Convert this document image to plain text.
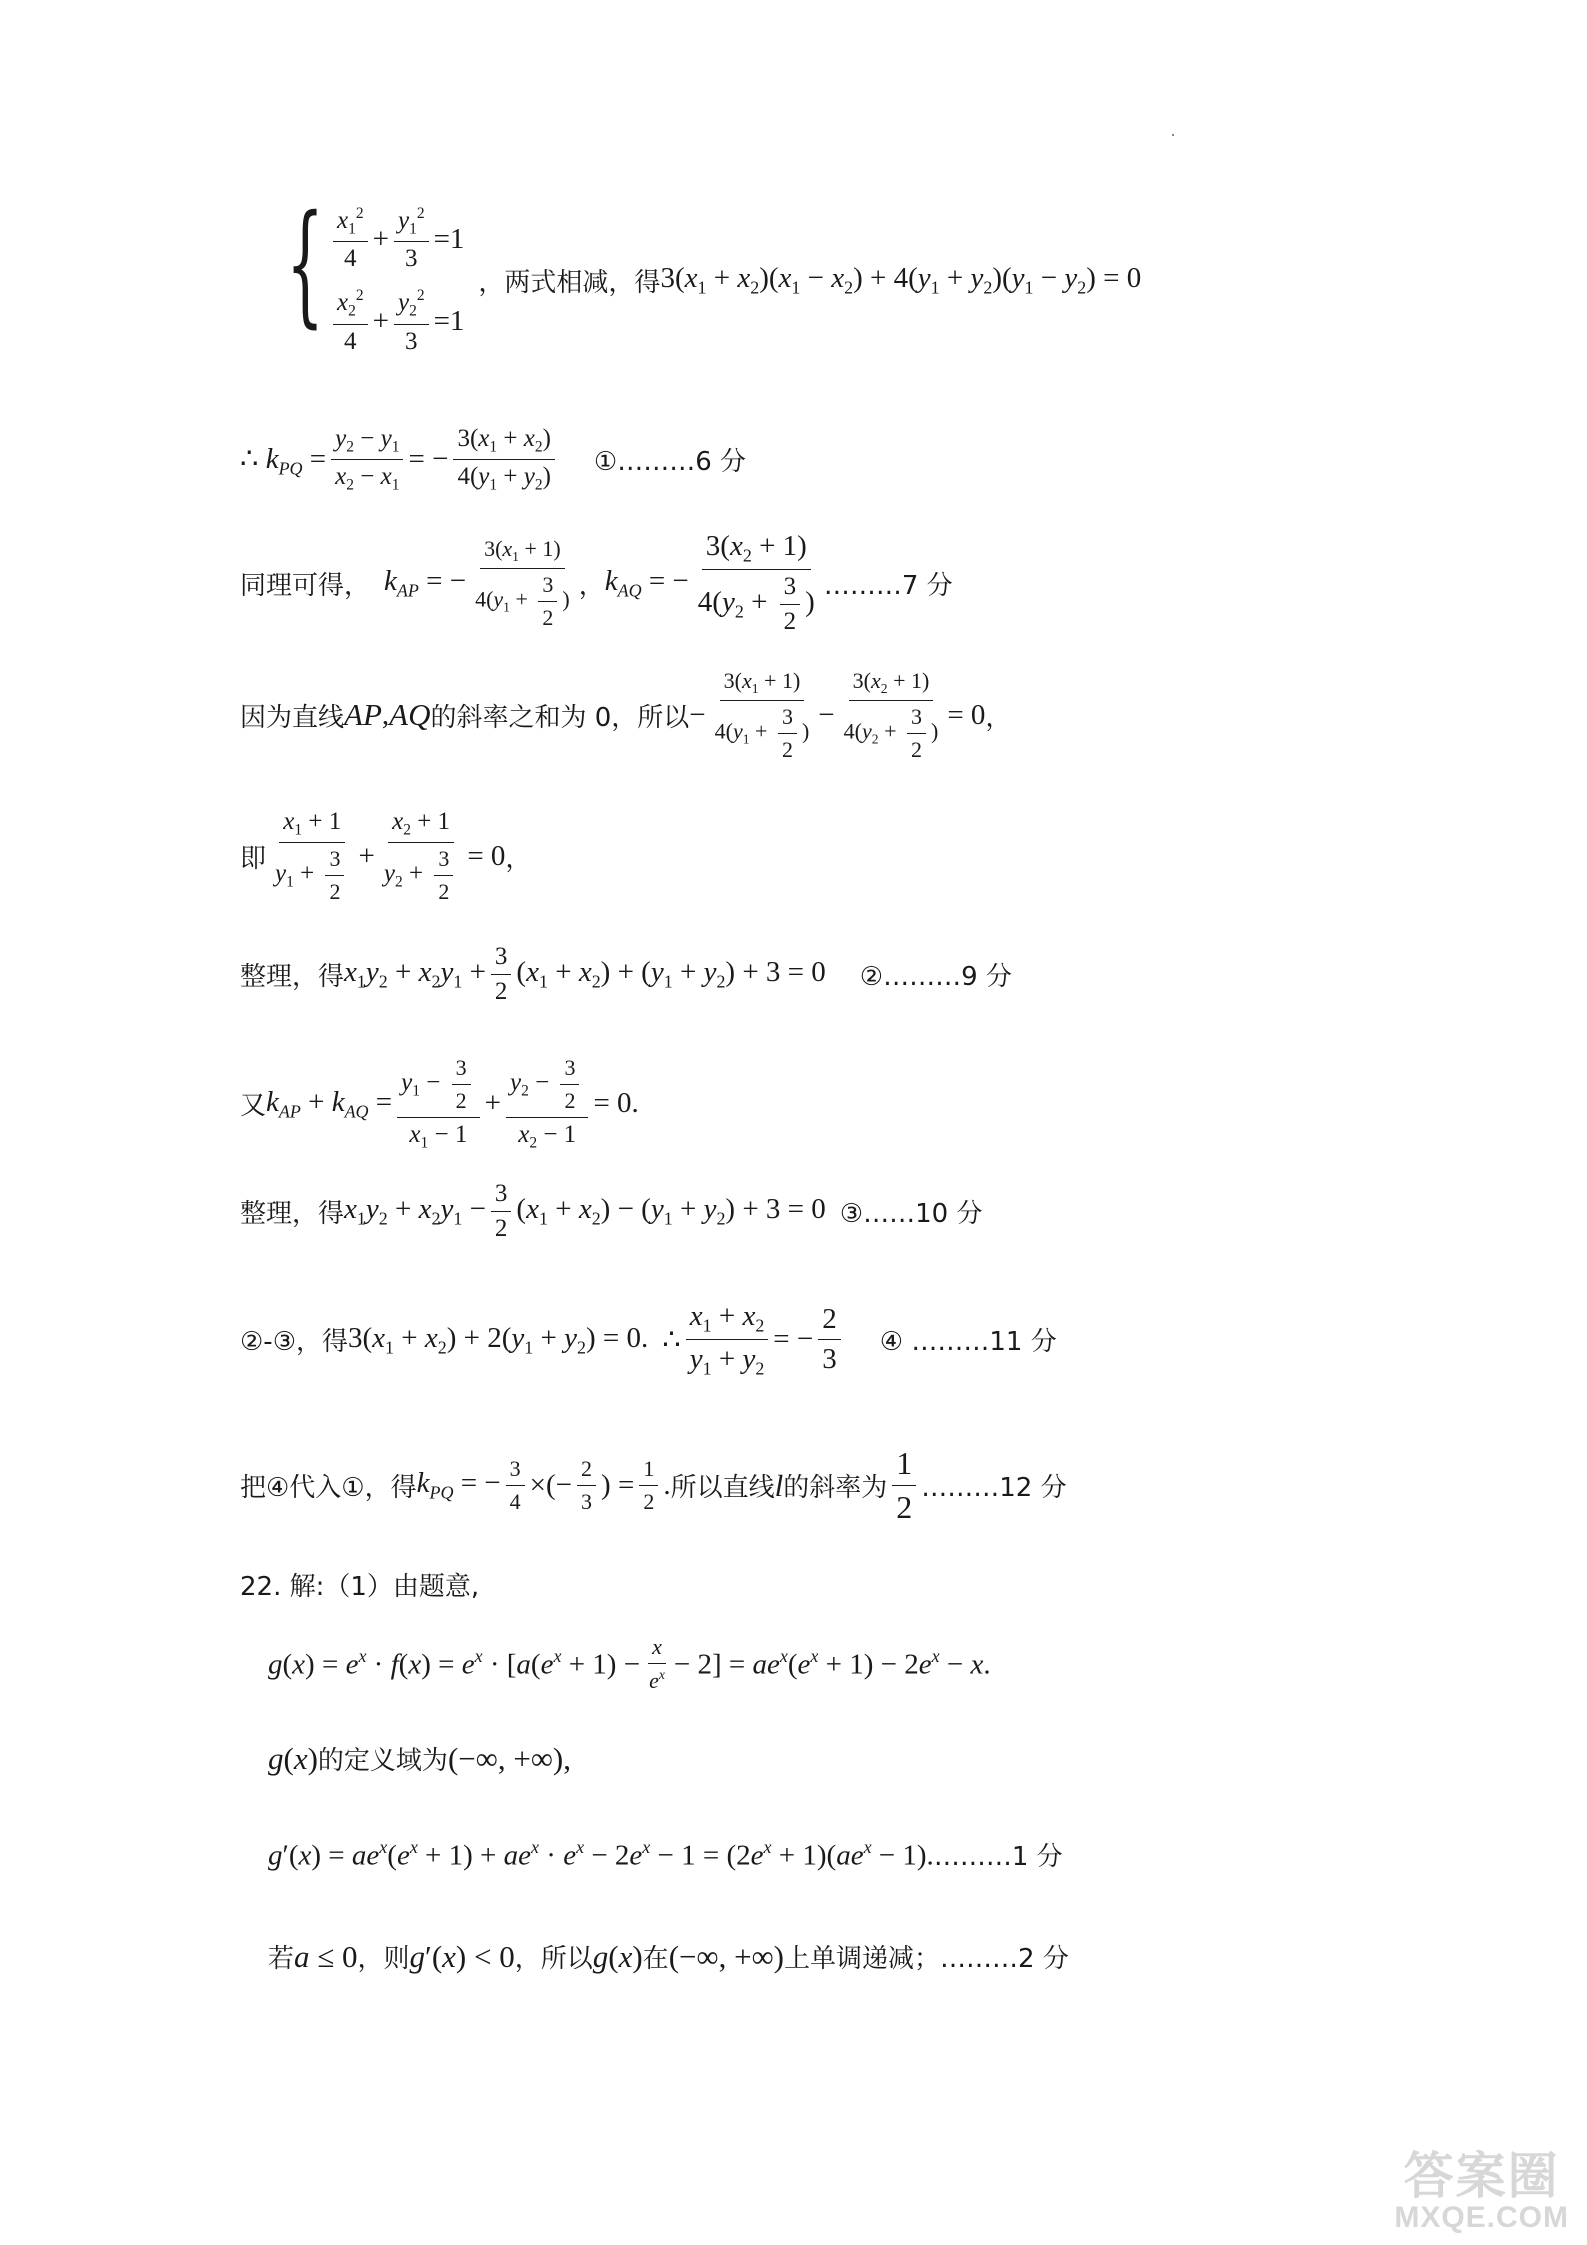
{ $\frac{x_1^2}{4} + \frac{y_1^2}{3} =1$
$\frac{x_2^2}{4} + \frac{y_2^2}{3} =1$
，两式相减，得 $3(x_1 + x_2)(x_1 - x_2) + 4(y_1 + y_2)(y_1 - y_2) = 0$
∴ $k_{PQ} = \frac{y_2 - y_1}{x_2 - x_1}$ = − $\frac{3(x_1 + x_2)}{4(y_1 + y_2)}$ ①………6 分
同理可得， $k_{AP}$ = − $\frac{3(x_1 + 1)}{4(y_1 + \frac{3}{2} )}$ ， $k_{AQ}$ = − $\frac{3(x_2 + 1)}{4(y_2 + \frac{3}{2} )}$ ………7 分
因为直线 AP , AQ 的斜率之和为 0，所以 − $\frac{3(x_1 + 1)}{4(y_1 + \frac{3}{2} )} - \frac{3(x_2 + 1)}{4(y_2 + \frac{3}{2} )} = 0$ ，
即 $\frac{x_1 + 1}{y_1 + \frac{3}{2}} + \frac{x_2 + 1}{y_2 + \frac{3}{2}} = 0$ ，
整理，得 $x_1y_2 + x_2y_1 + \frac{3}{2} (x_1 + x_2) + (y_1 + y_2) + 3 = 0$ ②………9 分
又 $k_{AP} + k_{AQ} = \frac{y_1 - \frac{3}{2}}{x_1 - 1} + \frac{y_2 - \frac{3}{2}}{x_2 - 1} = 0$.
整理，得 $x_1y_2 + x_2y_1 - \frac{3}{2} (x_1 + x_2) - (y_1 + y_2) + 3 = 0$ ③……10 分
②-③，得 $3(x_1 + x_2) + 2(y_1 + y_2) = 0$. ∴ $\frac{x_1 + x_2}{y_1 + y_2}$ = − $\frac{2}{3}$ ④ ………11 分
把④代入①，得 $k_{PQ}$ = − $\frac{3}{4}$ ×(− $\frac{2}{3}$ ) = $\frac{1}{2}$ . 所以直线 l 的斜率为 $\frac{1}{2}$ ………12 分
22. 解:（1）由题意,
$g(x) = e^x \cdot f(x) = e^x \cdot [a(e^x + 1) - \frac{x}{e^x} - 2] = ae^x(e^x + 1) - 2e^x - x$.
g(x) 的定义域为 (−∞, +∞),
$g'(x) = ae^x(e^x + 1) + ae^x \cdot e^x - 2e^x - 1 = (2e^x + 1)(ae^x - 1)$. ………1 分
若 a ≤ 0 ，则 g′(x) < 0 ，所以 g(x) 在 (−∞, +∞) 上单调递减； ………2 分
答案圈
MXQE.COM
